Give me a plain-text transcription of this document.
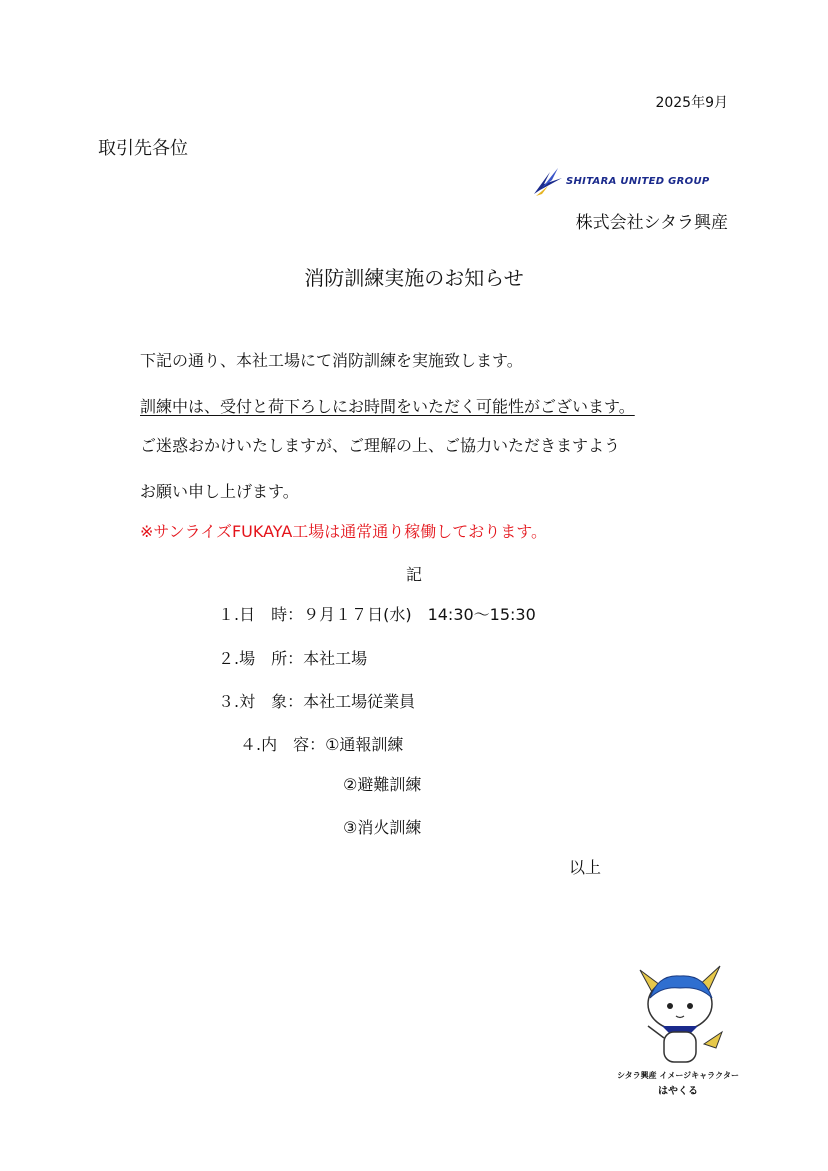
2025年9月
取引先各位
SHITARA UNITED GROUP
株式会社シタラ興産
消防訓練実施のお知らせ
下記の通り、本社工場にて消防訓練を実施致します。
訓練中は、受付と荷下ろしにお時間をいただく可能性がございます。
ご迷惑おかけいたしますが、ご理解の上、ご協力いただきますよう
お願い申し上げます。
※サンライズFUKAYA工場は通常通り稼働しております。
記
１.日　時：９月１７日(水)　14:30～15:30
２.場　所：本社工場
３.対　象：本社工場従業員
４.内　容：①通報訓練
②避難訓練
③消火訓練
以上
シタラ興産 イメージキャラクター
はやくる
